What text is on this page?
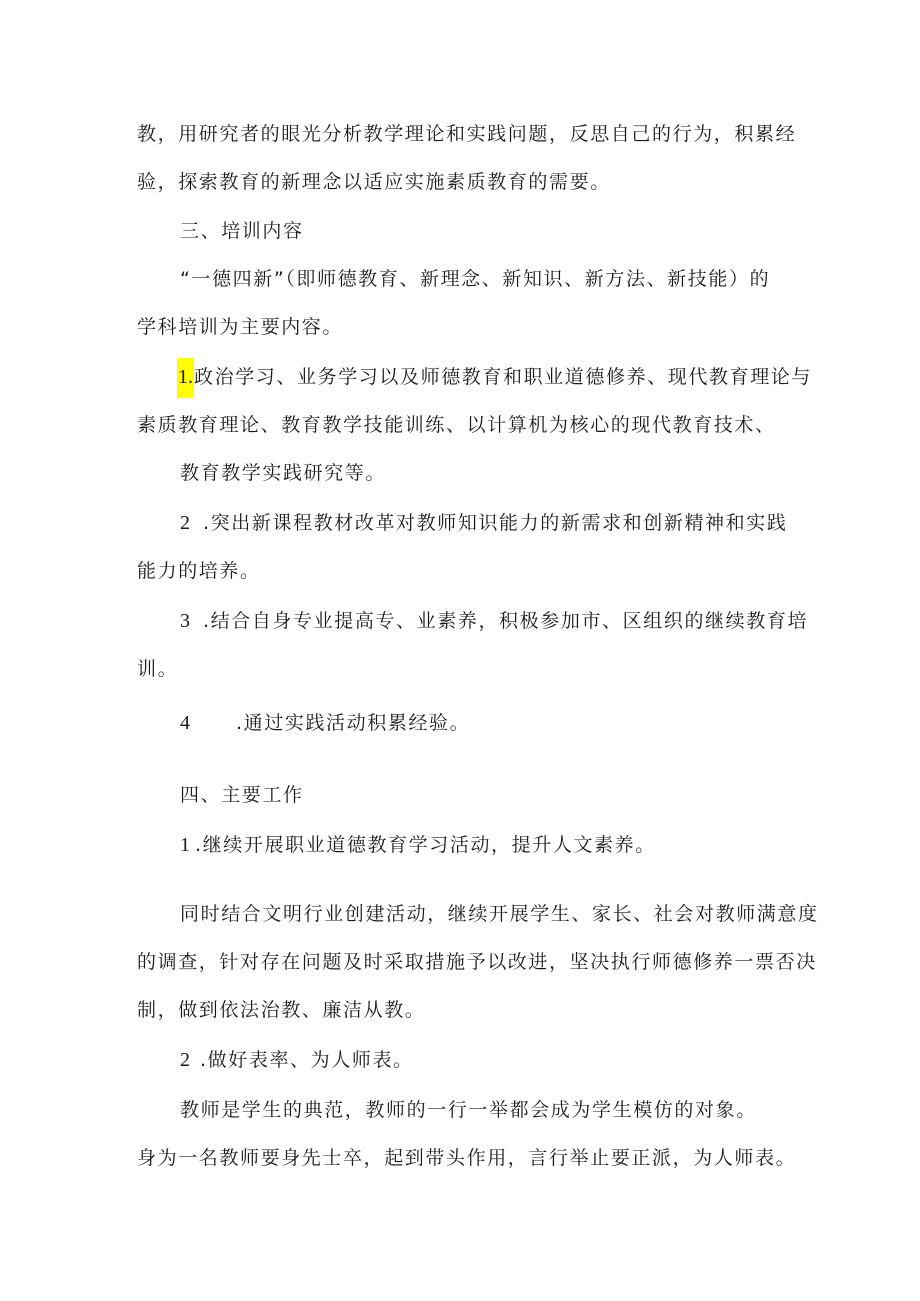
教，用研究者的眼光分析教学理论和实践问题，反思自己的行为，积累经
验，探索教育的新理念以适应实施素质教育的需要。
三、培训内容
“一德四新”（即师德教育、新理念、新知识、新方法、新技能）的
学科培训为主要内容。
1.政治学习、业务学习以及师德教育和职业道德修养、现代教育理论与
素质教育理论、教育教学技能训练、以计算机为核心的现代教育技术、
教育教学实践研究等。
2 .突出新课程教材改革对教师知识能力的新需求和创新精神和实践
能力的培养。
3 .结合自身专业提高专、业素养，积极参加市、区组织的继续教育培
训。
4 .通过实践活动积累经验。
四、主要工作
1 .继续开展职业道德教育学习活动，提升人文素养。
同时结合文明行业创建活动，继续开展学生、家长、社会对教师满意度
的调查，针对存在问题及时采取措施予以改进，坚决执行师德修养一票否决
制，做到依法治教、廉洁从教。
2 .做好表率、为人师表。
教师是学生的典范，教师的一行一举都会成为学生模仿的对象。
身为一名教师要身先士卒，起到带头作用，言行举止要正派，为人师表。
